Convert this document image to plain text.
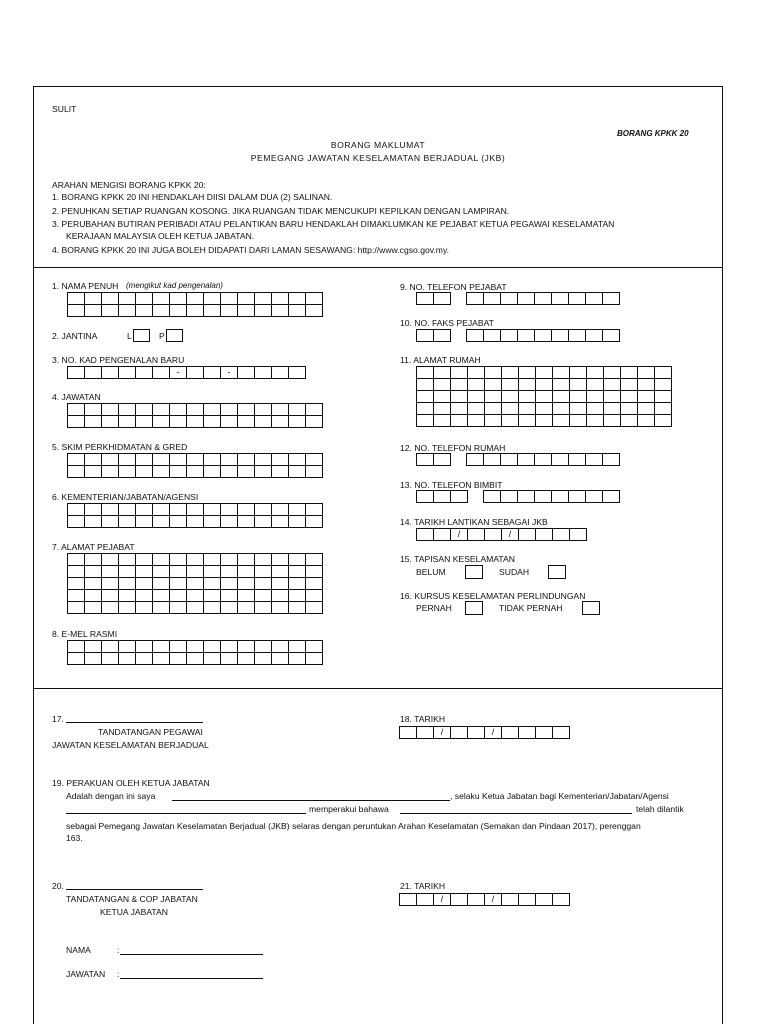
SULIT
BORANG KPKK 20
BORANG MAKLUMAT
PEMEGANG JAWATAN KESELAMATAN BERJADUAL (JKB)
ARAHAN MENGISI BORANG KPKK 20:
1. BORANG KPKK 20 INI HENDAKLAH DIISI DALAM DUA (2) SALINAN.
2. PENUHKAN SETIAP RUANGAN KOSONG. JIKA RUANGAN TIDAK MENCUKUPI KEPILKAN DENGAN LAMPIRAN.
3. PERUBAHAN BUTIRAN PERIBADI ATAU PELANTIKAN BARU HENDAKLAH DIMAKLUMKAN KE PEJABAT KETUA PEGAWAI KESELAMATAN
KERAJAAN MALAYSIA OLEH KETUA JABATAN.
4. BORANG KPKK 20 INI JUGA BOLEH DIDAPATI DARI LAMAN SESAWANG: http://www.cgso.gov.my.
1. NAMA PENUH (mengikut kad pengenalan)
2. JANTINA	L	P
3. NO. KAD PENGENALAN BARU
-	-
4. JAWATAN
5. SKIM PERKHIDMATAN & GRED
6. KEMENTERIAN/JABATAN/AGENSI
7. ALAMAT PEJABAT
8. E-MEL RASMI
9. NO. TELEFON PEJABAT
10. NO. FAKS PEJABAT
11. ALAMAT RUMAH
12. NO. TELEFON RUMAH
13. NO. TELEFON BIMBIT
14. TARIKH LANTIKAN SEBAGAI JKB
/	/
15. TAPISAN KESELAMATAN
BELUM	SUDAH
16. KURSUS KESELAMATAN PERLINDUNGAN
PERNAH	TIDAK PERNAH
17.
TANDATANGAN PEGAWAI
JAWATAN KESELAMATAN BERJADUAL
18. TARIKH
/	/
19. PERAKUAN OLEH KETUA JABATAN
Adalah dengan ini saya	, selaku Ketua Jabatan bagi Kementerian/Jabatan/Agensi
memperakui bahawa	telah dilantik
sebagai Pemegang Jawatan Keselamatan Berjadual (JKB) selaras dengan peruntukan Arahan Keselamatan (Semakan dan Pindaan 2017), perenggan
163.
20.
TANDATANGAN & COP JABATAN
KETUA JABATAN
21. TARIKH
/	/
NAMA	:
JAWATAN :
